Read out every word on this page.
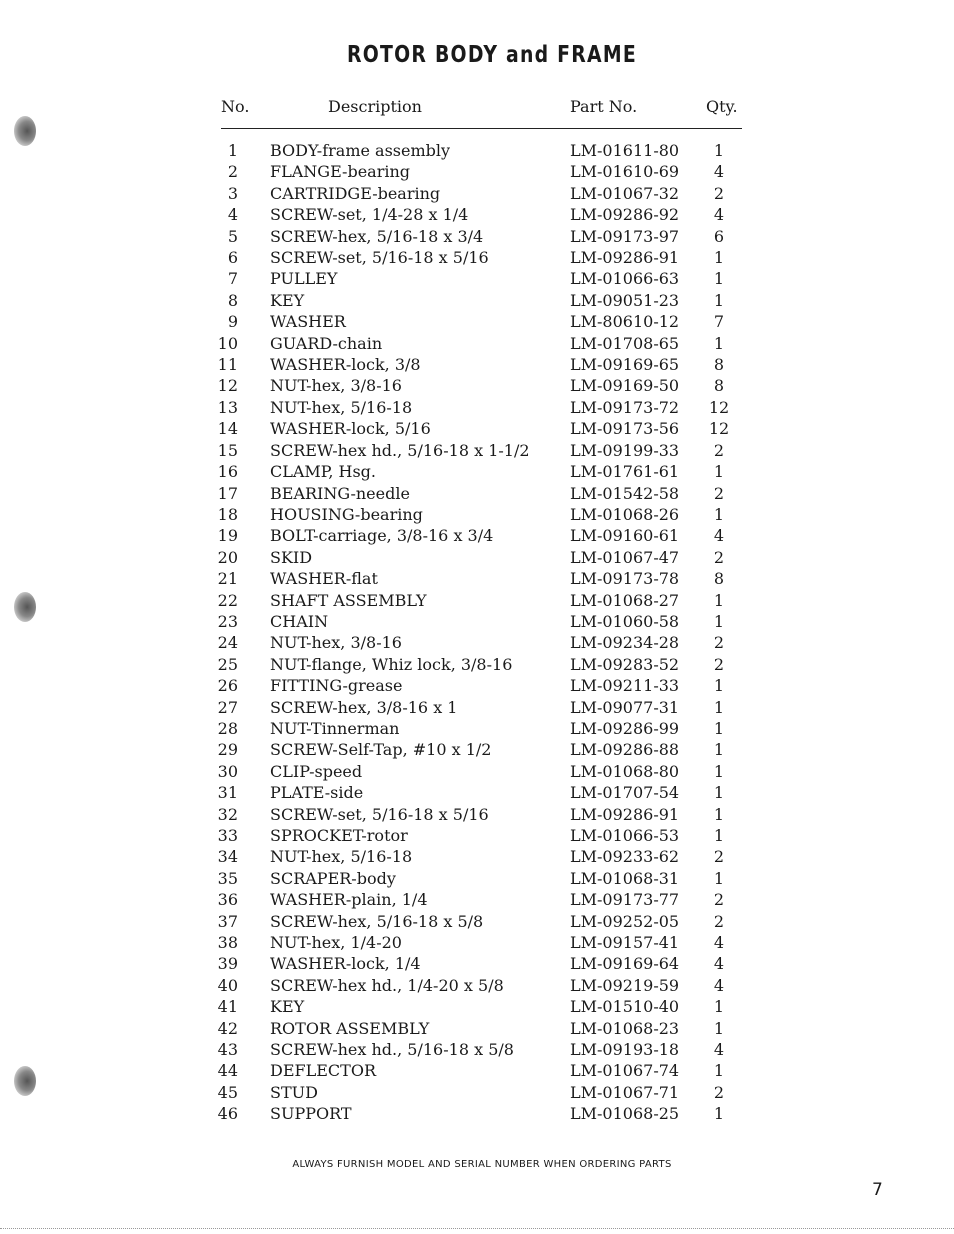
ROTOR BODY and FRAME
No.	Description	Part No.	Qty.
1 BODY-frame assembly	LM-01611-80	1
2 FLANGE-bearing	LM-01610-69	4
3 CARTRIDGE-bearing	LM-01067-32	2
4 SCREW-set, 1/4-28 x 1/4	LM-09286-92	4
5 SCREW-hex, 5/16-18 x 3/4	LM-09173-97	6
6 SCREW-set, 5/16-18 x 5/16	LM-09286-91	1
7 PULLEY	LM-01066-63	1
8 KEY	LM-09051-23	1
9 WASHER	LM-80610-12	7
10 GUARD-chain	LM-01708-65	1
11 WASHER-lock, 3/8	LM-09169-65	8
12 NUT-hex, 3/8-16	LM-09169-50	8
13 NUT-hex, 5/16-18	LM-09173-72	12
14 WASHER-lock, 5/16	LM-09173-56	12
15 SCREW-hex hd., 5/16-18 x 1-1/2	LM-09199-33	2
16 CLAMP, Hsg.	LM-01761-61	1
17 BEARING-needle	LM-01542-58	2
18 HOUSING-bearing	LM-01068-26	1
19 BOLT-carriage, 3/8-16 x 3/4	LM-09160-61	4
20 SKID	LM-01067-47	2
21 WASHER-flat	LM-09173-78	8
22 SHAFT ASSEMBLY	LM-01068-27	1
23 CHAIN	LM-01060-58	1
24 NUT-hex, 3/8-16	LM-09234-28	2
25 NUT-flange, Whiz lock, 3/8-16	LM-09283-52	2
26 FITTING-grease	LM-09211-33	1
27 SCREW-hex, 3/8-16 x 1	LM-09077-31	1
28 NUT-Tinnerman	LM-09286-99	1
29 SCREW-Self-Tap, #10 x 1/2	LM-09286-88	1
30 CLIP-speed	LM-01068-80	1
31 PLATE-side	LM-01707-54	1
32 SCREW-set, 5/16-18 x 5/16	LM-09286-91	1
33 SPROCKET-rotor	LM-01066-53	1
34 NUT-hex, 5/16-18	LM-09233-62	2
35 SCRAPER-body	LM-01068-31	1
36 WASHER-plain, 1/4	LM-09173-77	2
37 SCREW-hex, 5/16-18 x 5/8	LM-09252-05	2
38 NUT-hex, 1/4-20	LM-09157-41	4
39 WASHER-lock, 1/4	LM-09169-64	4
40 SCREW-hex hd., 1/4-20 x 5/8	LM-09219-59	4
41 KEY	LM-01510-40	1
42 ROTOR ASSEMBLY	LM-01068-23	1
43 SCREW-hex hd., 5/16-18 x 5/8	LM-09193-18	4
44 DEFLECTOR	LM-01067-74	1
45 STUD	LM-01067-71	2
46 SUPPORT	LM-01068-25	1
ALWAYS FURNISH MODEL AND SERIAL NUMBER WHEN ORDERING PARTS
7
